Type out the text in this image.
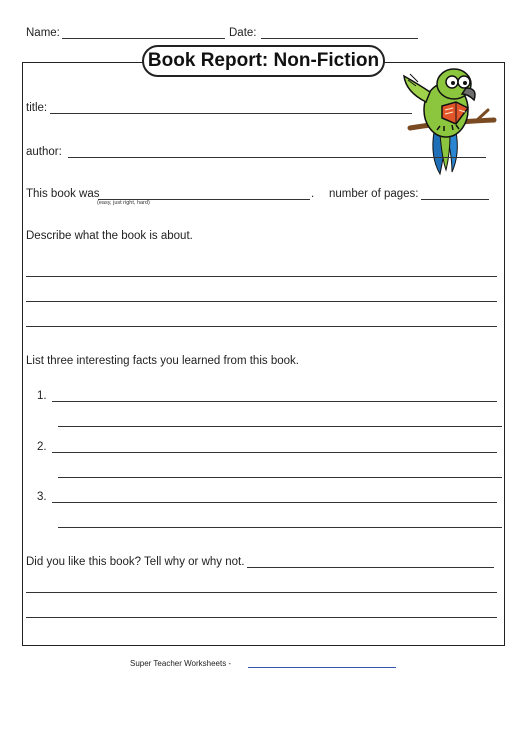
Name:	Date:
Book Report: Non-Fiction
title:
author:
This book was	.
(easy, just right, hard)
number of pages:
Describe what the book is about.
List three interesting facts you learned from this book.
1.
2.
3.
Did you like this book? Tell why or why not.
Super Teacher Worksheets -
